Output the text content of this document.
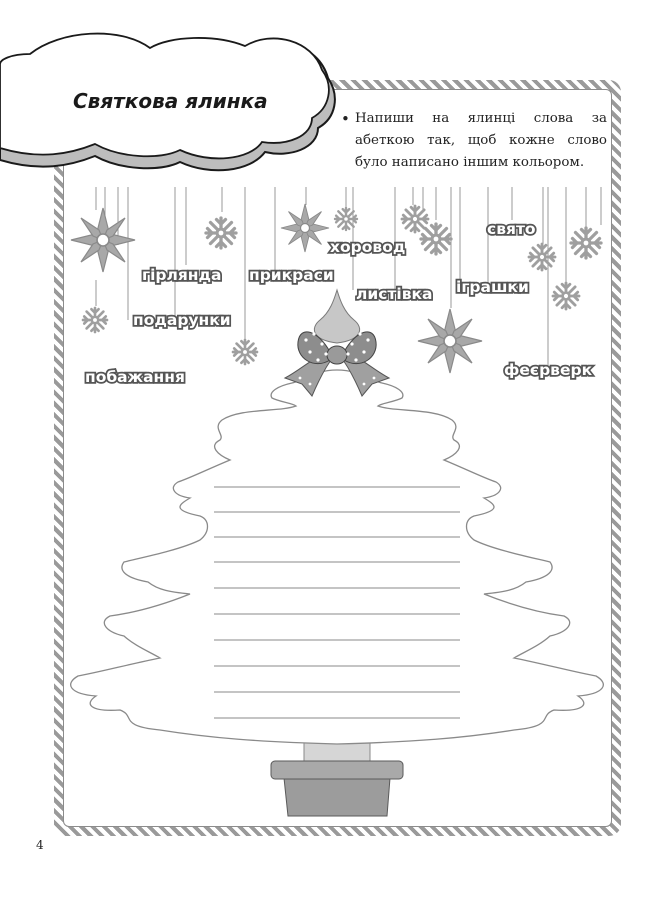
Святкова ялинка
• Напиши на ялинці слова за абеткою так, щоб кожне слово було написано іншим кольором.
гірлянда
подарунки
побажання
прикраси
хоровод
листівка
свято
іграшки
феєрверк
4
